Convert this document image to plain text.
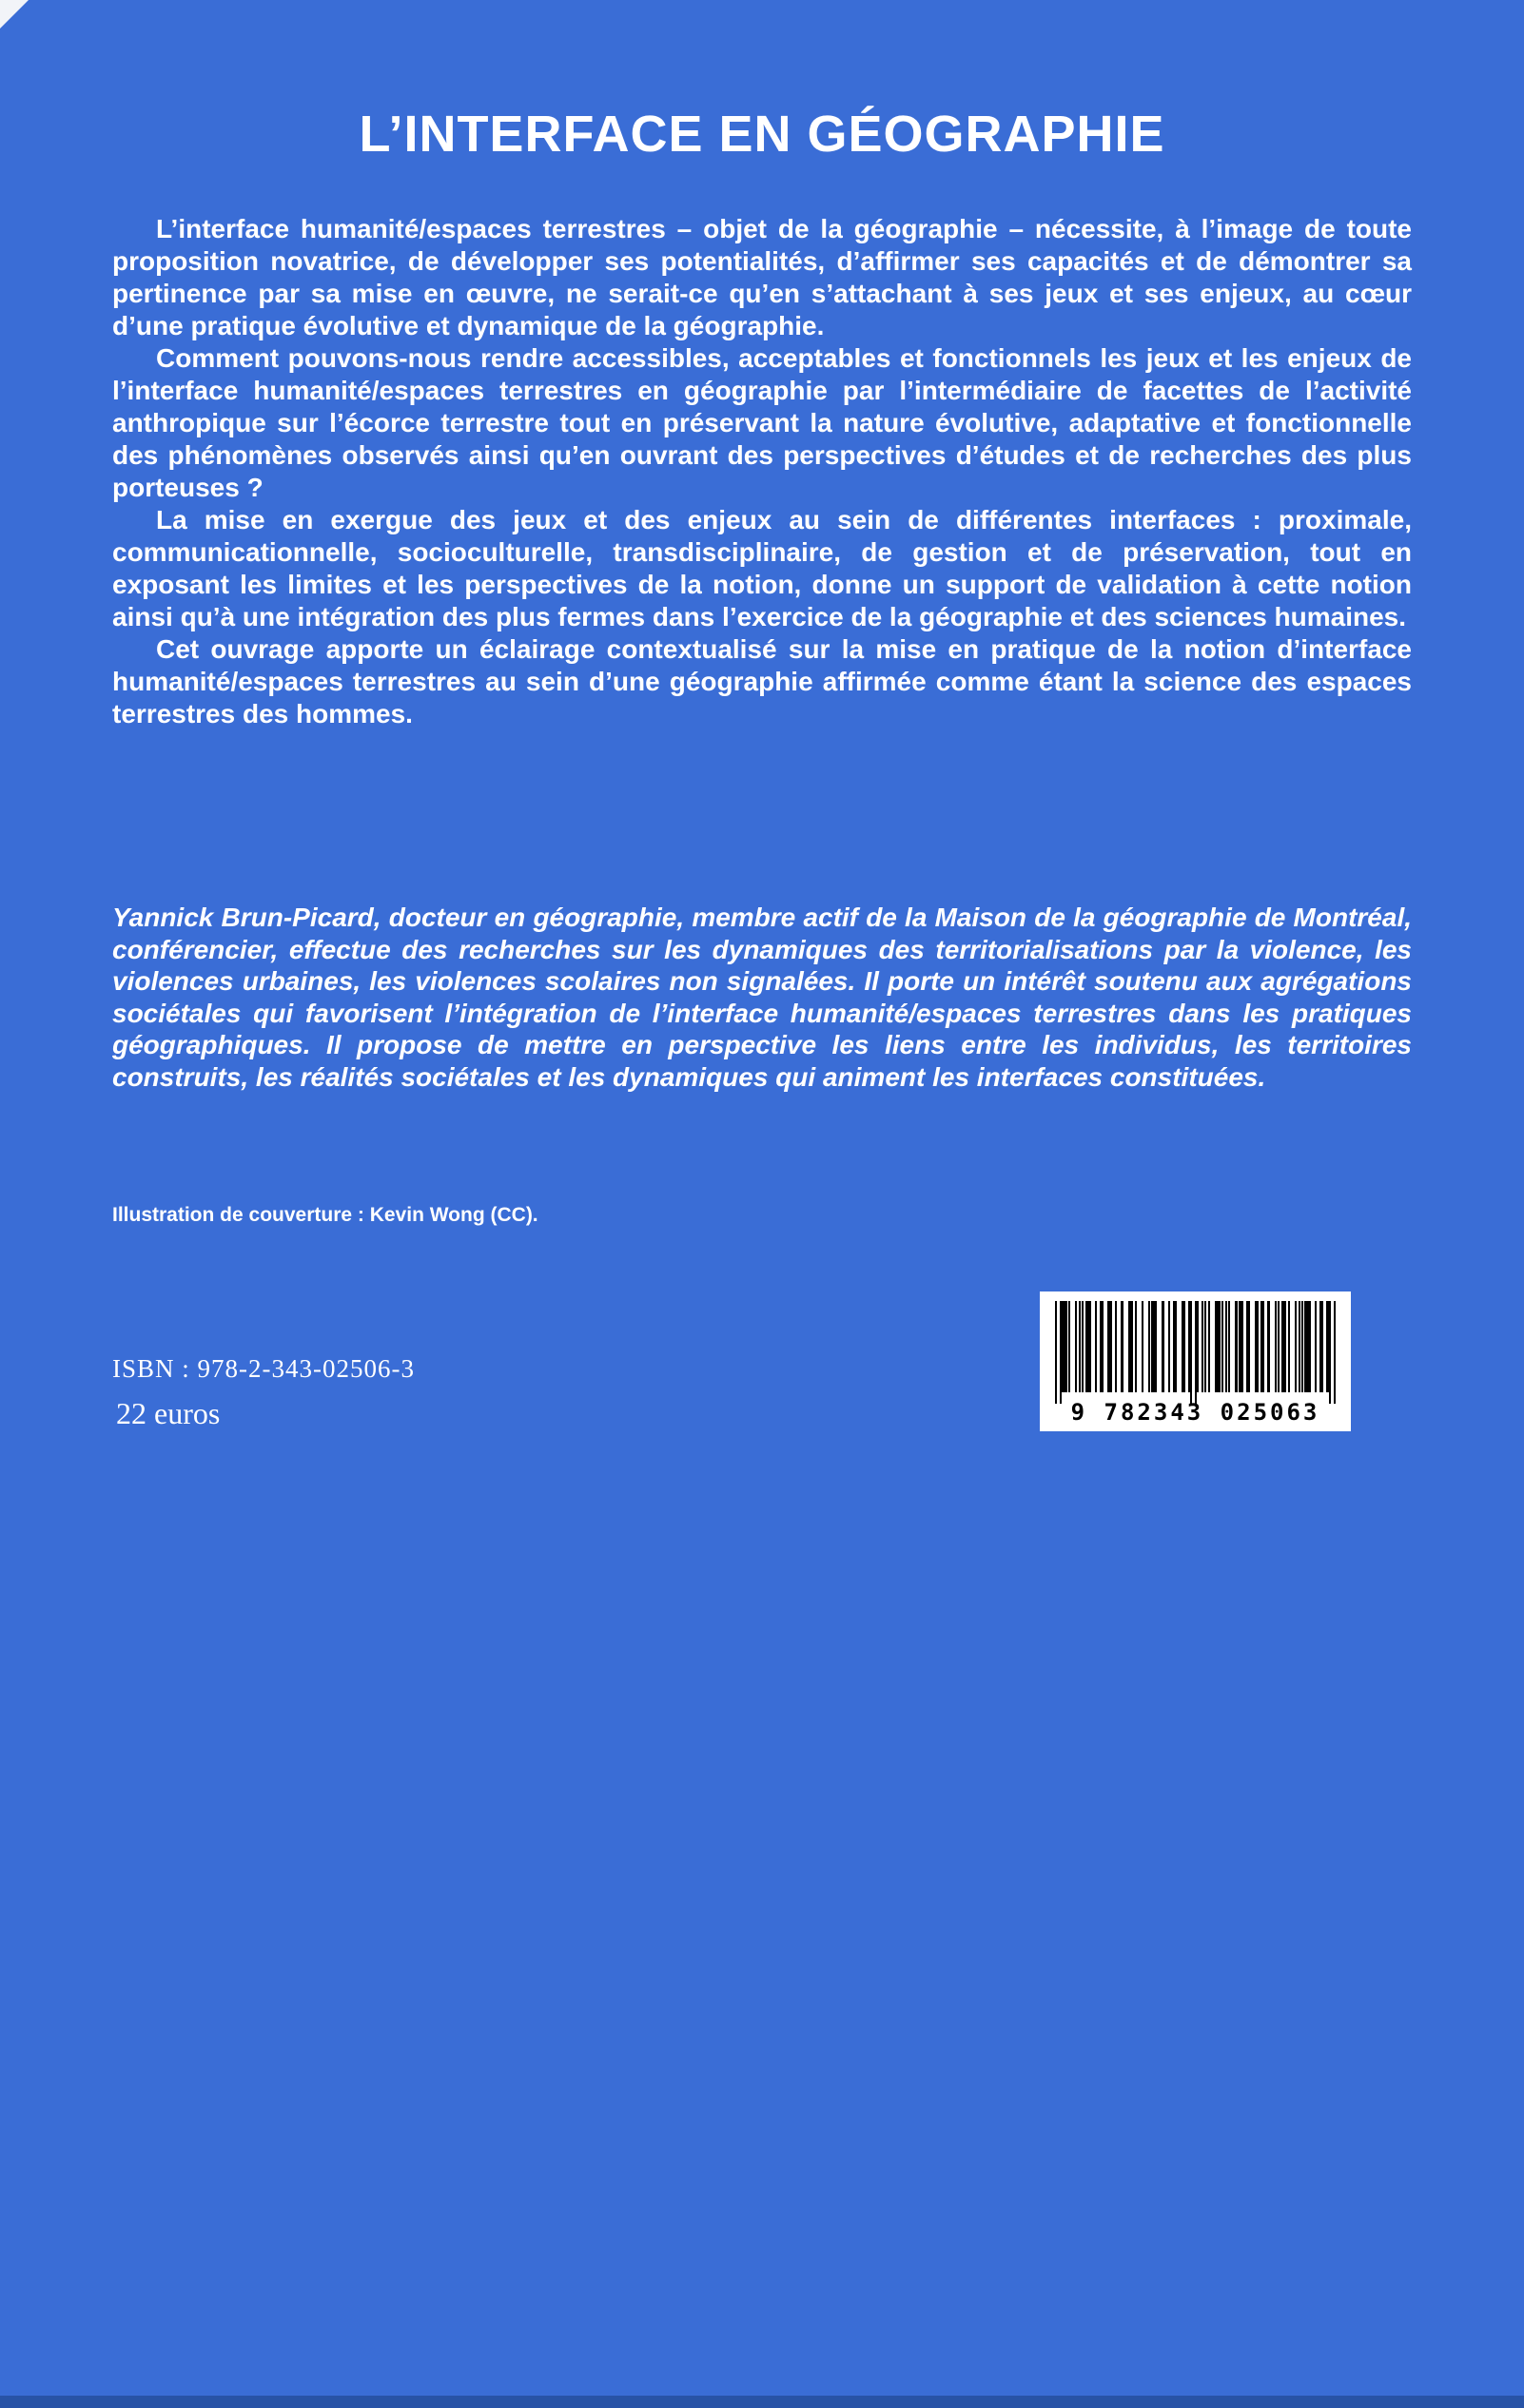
L’INTERFACE EN GÉOGRAPHIE

L’interface humanité/espaces terrestres – objet de la géographie – nécessite, à l’image de toute proposition novatrice, de développer ses potentialités, d’affirmer ses capacités et de démontrer sa pertinence par sa mise en œuvre, ne serait-ce qu’en s’attachant à ses jeux et ses enjeux, au cœur d’une pratique évolutive et dynamique de la géographie.

Comment pouvons-nous rendre accessibles, acceptables et fonctionnels les jeux et les enjeux de l’interface humanité/espaces terrestres en géographie par l’intermédiaire de facettes de l’activité anthropique sur l’écorce terrestre tout en préservant la nature évolutive, adaptative et fonctionnelle des phénomènes observés ainsi qu’en ouvrant des perspectives d’études et de recherches des plus porteuses ?

La mise en exergue des jeux et des enjeux au sein de différentes interfaces : proximale, communicationnelle, socioculturelle, transdisciplinaire, de gestion et de préservation, tout en exposant les limites et les perspectives de la notion, donne un support de validation à cette notion ainsi qu’à une intégration des plus fermes dans l’exercice de la géographie et des sciences humaines.

Cet ouvrage apporte un éclairage contextualisé sur la mise en pratique de la notion d’interface humanité/espaces terrestres au sein d’une géographie affirmée comme étant la science des espaces terrestres des hommes.

Yannick Brun-Picard, docteur en géographie, membre actif de la Maison de la géographie de Montréal, conférencier, effectue des recherches sur les dynamiques des territorialisations par la violence, les violences urbaines, les violences scolaires non signalées. Il porte un intérêt soutenu aux agrégations sociétales qui favorisent l’intégration de l’interface humanité/espaces terrestres dans les pratiques géographiques. Il propose de mettre en perspective les liens entre les individus, les territoires construits, les réalités sociétales et les dynamiques qui animent les interfaces constituées.
Illustration de couverture : Kevin Wong (CC).
ISBN : 978-2-343-02506-3
22 euros	9 782343 025063
